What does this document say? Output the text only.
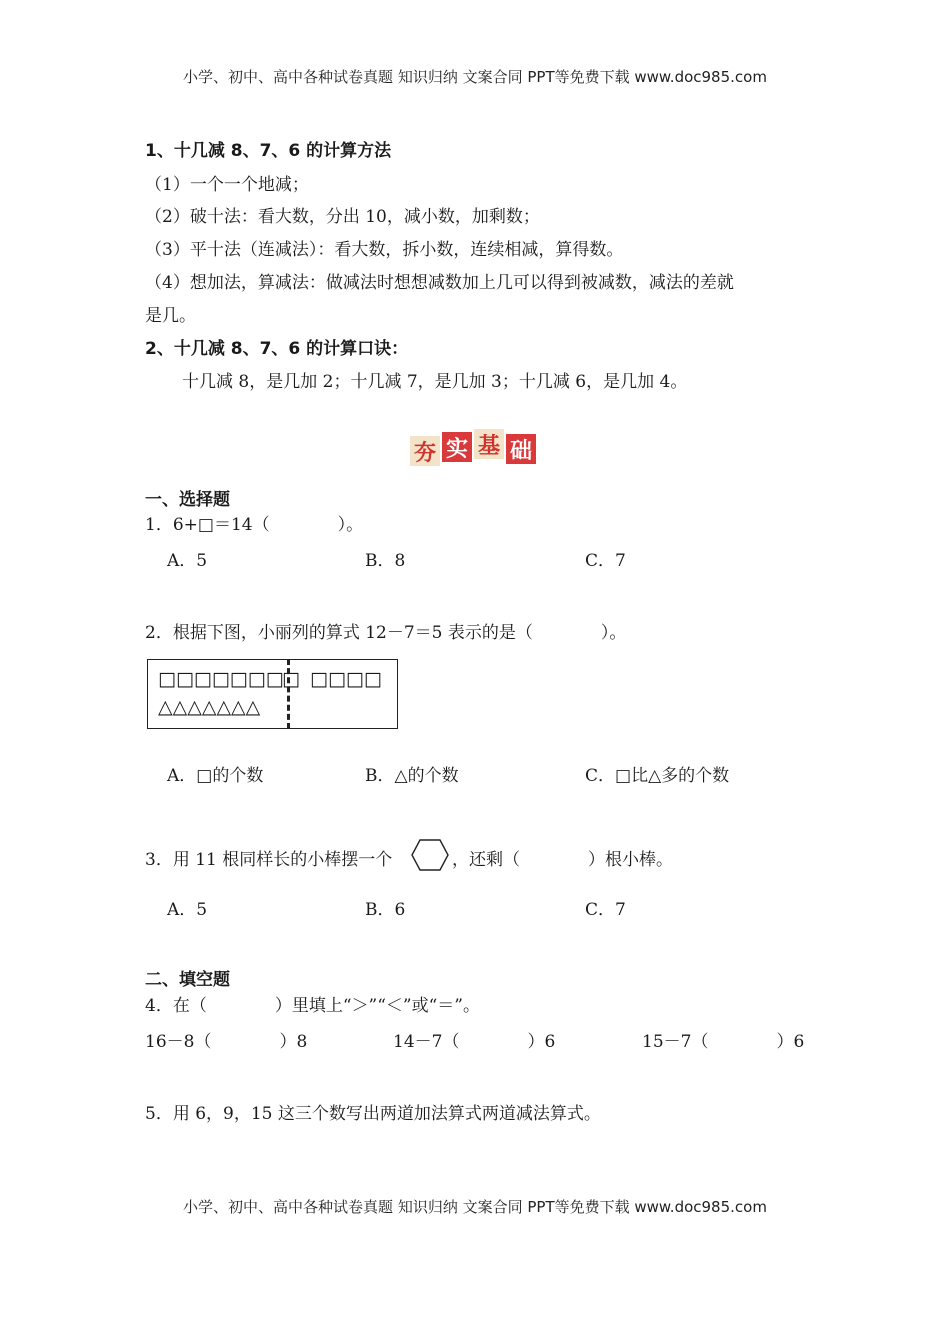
小学、初中、高中各种试卷真题 知识归纳 文案合同 PPT等免费下载 www.doc985.com
1、十几减 8、7、6 的计算方法
（1）一个一个地减；
（2）破十法：看大数，分出 10，减小数，加剩数；
（3）平十法（连减法）：看大数，拆小数，连续相减，算得数。
（4）想加法，算减法：做减法时想想减数加上几可以得到被减数，减法的差就
是几。
2、十几减 8、7、6 的计算口诀：
十几减 8，是几加 2；十几减 7，是几加 3；十几减 6，是几加 4。
夯 实 基 础
一、选择题
1．6+□＝14（　　　　）。
A．5	B．8	C．7
2．根据下图，小丽列的算式 12－7＝5 表示的是（　　　　）。
□□□□□□□
□ □□□□
△△△△△△△
A．□的个数	B．△的个数	C．□比△多的个数
3．用 11 根同样长的小棒摆一个	，还剩（　　　　）根小棒。
A．5	B．6	C．7
二、填空题
4．在（　　　　）里填上“＞”“＜”或“＝”。
16－8（　　　　）8	14－7（　　　　）6	15－7（　　　　）6
5．用 6，9，15 这三个数写出两道加法算式两道减法算式。
小学、初中、高中各种试卷真题 知识归纳 文案合同 PPT等免费下载 www.doc985.com
